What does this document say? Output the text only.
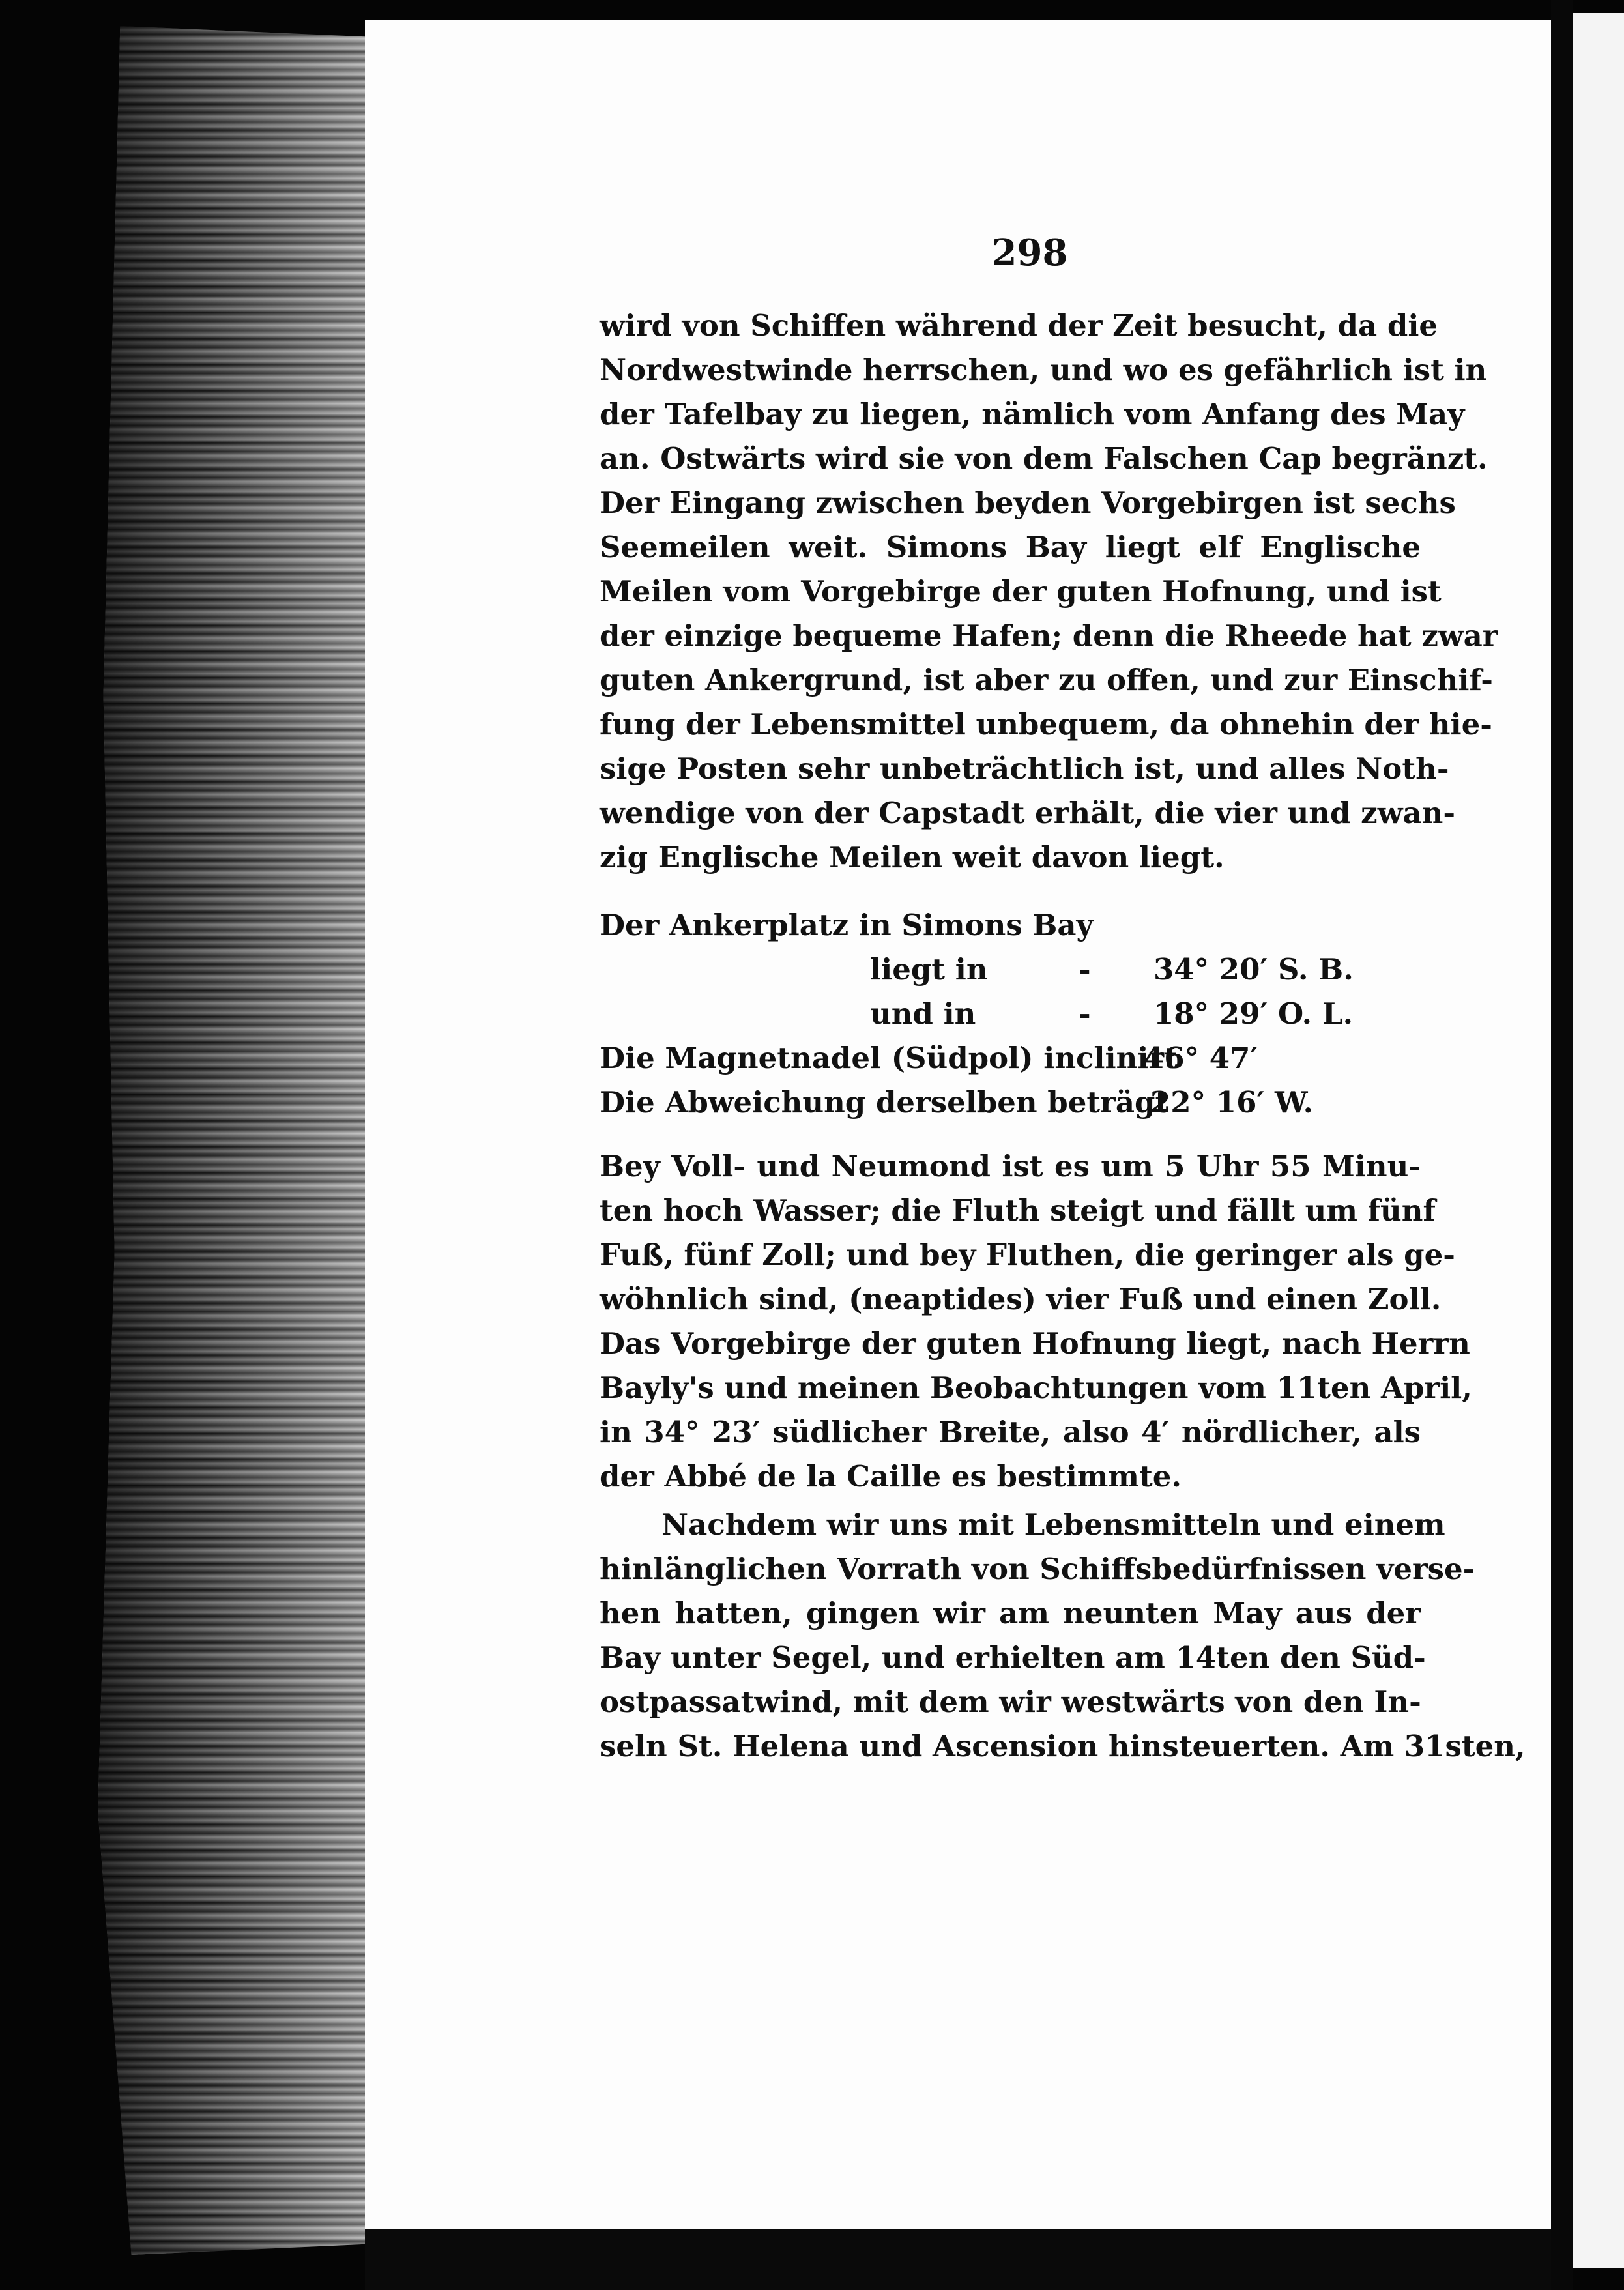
298
wird von Schiffen während der Zeit besucht, da die
Nordwestwinde herrschen, und wo es gefährlich ist in
der Tafelbay zu liegen, nämlich vom Anfang des May
an. Ostwärts wird sie von dem Falschen Cap begränzt.
Der Eingang zwischen beyden Vorgebirgen ist sechs
Seemeilen weit. Simons Bay liegt elf Englische
Meilen vom Vorgebirge der guten Hofnung, und ist
der einzige bequeme Hafen; denn die Rheede hat zwar
guten Ankergrund, ist aber zu offen, und zur Einschif-
fung der Lebensmittel unbequem, da ohnehin der hie-
sige Posten sehr unbeträchtlich ist, und alles Noth-
wendige von der Capstadt erhält, die vier und zwan-
zig Englische Meilen weit davon liegt.
Der Ankerplatz in Simons Bay
liegt in	- 34° 20′ S. B.
und in	- 18° 29′ O. L.
Die Magnetnadel (Südpol) inclinirt
46° 47′
Die Abweichung derselben beträgt
22° 16′ W.
Bey Voll- und Neumond ist es um 5 Uhr 55 Minu-
ten hoch Wasser; die Fluth steigt und fällt um fünf
Fuß, fünf Zoll; und bey Fluthen, die geringer als ge-
wöhnlich sind, (neaptides) vier Fuß und einen Zoll.
Das Vorgebirge der guten Hofnung liegt, nach Herrn
Bayly's und meinen Beobachtungen vom 11ten April,
in 34° 23′ südlicher Breite, also 4′ nördlicher, als
der Abbé de la Caille es bestimmte.
Nachdem wir uns mit Lebensmitteln und einem
hinlänglichen Vorrath von Schiffsbedürfnissen verse-
hen hatten, gingen wir am neunten May aus der
Bay unter Segel, und erhielten am 14ten den Süd-
ostpassatwind, mit dem wir westwärts von den In-
seln St. Helena und Ascension hinsteuerten. Am 31sten,
